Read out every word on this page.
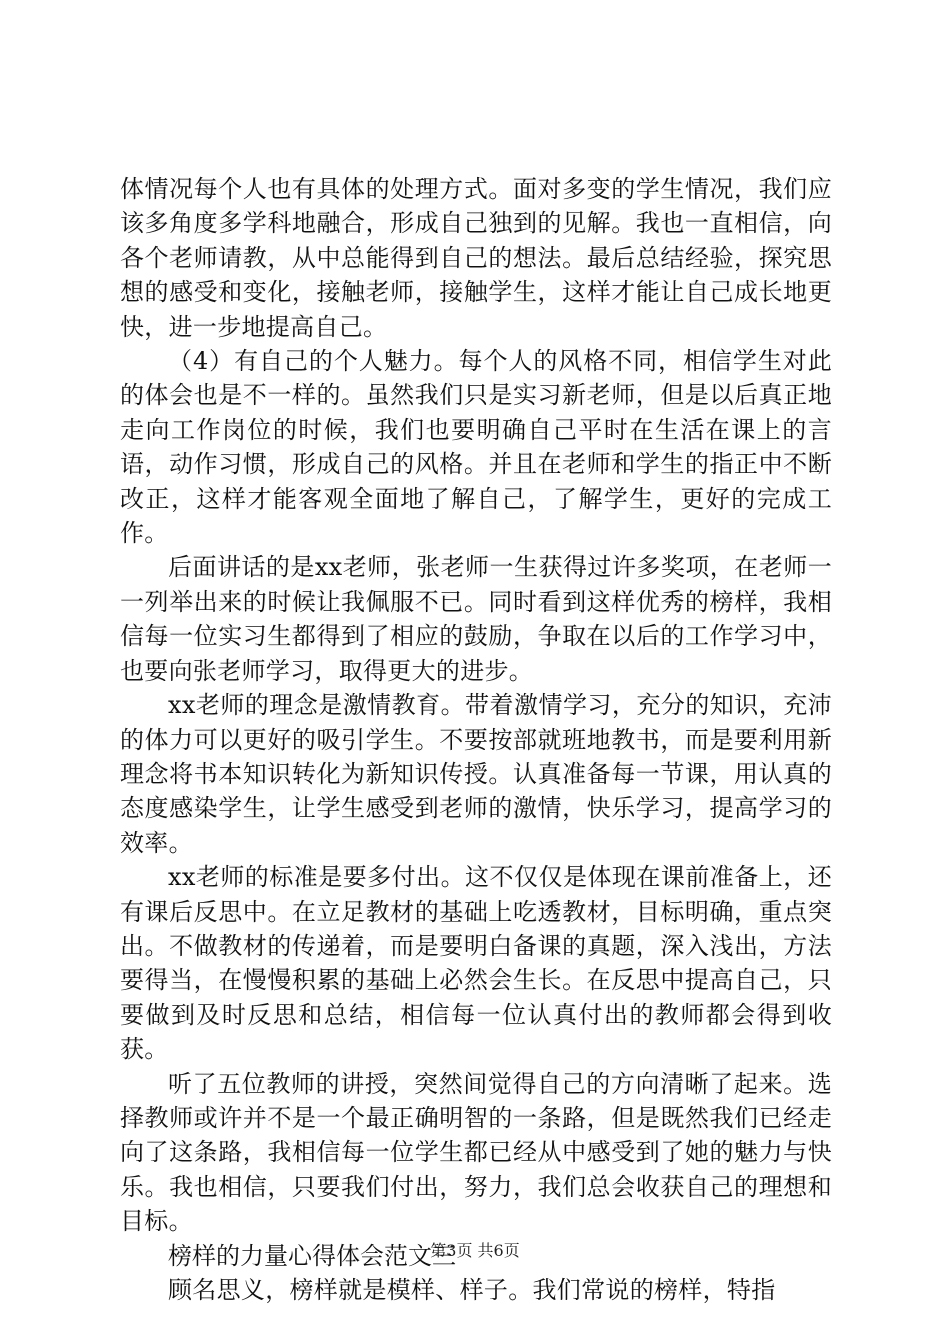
体情况每个人也有具体的处理方式。面对多变的学生情况，我们应该多角度多学科地融合，形成自己独到的见解。我也一直相信，向各个老师请教，从中总能得到自己的想法。最后总结经验，探究思想的感受和变化，接触老师，接触学生，这样才能让自己成长地更快，进一步地提高自己。

（4）有自己的个人魅力。每个人的风格不同，相信学生对此的体会也是不一样的。虽然我们只是实习新老师，但是以后真正地走向工作岗位的时候，我们也要明确自己平时在生活在课上的言语，动作习惯，形成自己的风格。并且在老师和学生的指正中不断改正，这样才能客观全面地了解自己，了解学生，更好的完成工作。

后面讲话的是xx老师，张老师一生获得过许多奖项，在老师一一列举出来的时候让我佩服不已。同时看到这样优秀的榜样，我相信每一位实习生都得到了相应的鼓励，争取在以后的工作学习中，也要向张老师学习，取得更大的进步。

xx老师的理念是激情教育。带着激情学习，充分的知识，充沛的体力可以更好的吸引学生。不要按部就班地教书，而是要利用新理念将书本知识转化为新知识传授。认真准备每一节课，用认真的态度感染学生，让学生感受到老师的激情，快乐学习，提高学习的效率。

xx老师的标准是要多付出。这不仅仅是体现在课前准备上，还有课后反思中。在立足教材的基础上吃透教材，目标明确，重点突出。不做教材的传递着，而是要明白备课的真题，深入浅出，方法要得当，在慢慢积累的基础上必然会生长。在反思中提高自己，只要做到及时反思和总结，相信每一位认真付出的教师都会得到收获。

听了五位教师的讲授，突然间觉得自己的方向清晰了起来。选择教师或许并不是一个最正确明智的一条路，但是既然我们已经走向了这条路，我相信每一位学生都已经从中感受到了她的魅力与快乐。我也相信，只要我们付出，努力，我们总会收获自己的理想和目标。

榜样的力量心得体会范文三

顾名思义，榜样就是模样、样子。我们常说的榜样，特指

第3页 共6页
